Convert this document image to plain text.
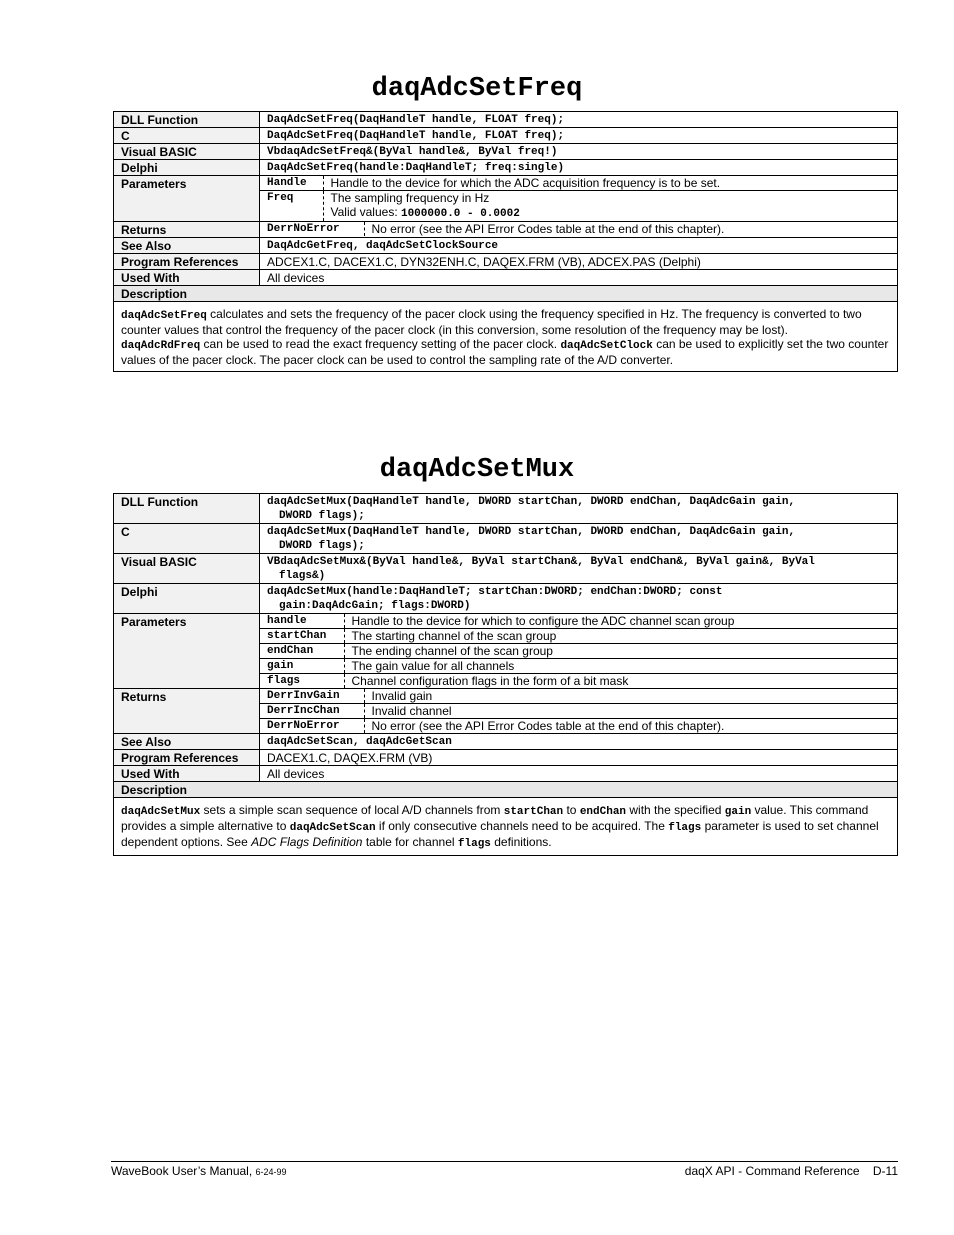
daqAdcSetFreq
DLL Function	DaqAdcSetFreq(DaqHandleT handle, FLOAT freq);
C	DaqAdcSetFreq(DaqHandleT handle, FLOAT freq);
Visual BASIC	VbdaqAdcSetFreq&(ByVal handle&, ByVal freq!)
Delphi	DaqAdcSetFreq(handle:DaqHandleT; freq:single)
Parameters		Handle	Handle to the device for which the ADC acquisition frequency is to be set.
Freq	The sampling frequency in Hz
Valid values: 1000000.0 - 0.0002

Returns		DerrNoError	No error (see the API Error Codes table at the end of this chapter).

See Also	DaqAdcGetFreq, daqAdcSetClockSource
Program References	ADCEX1.C, DACEX1.C, DYN32ENH.C, DAQEX.FRM (VB), ADCEX.PAS (Delphi)
Used With	All devices
Description
daqAdcSetFreq calculates and sets the frequency of the pacer clock using the frequency specified in Hz. The frequency is converted to two counter values that control the frequency of the pacer clock (in this conversion, some resolution of the frequency may be lost).
daqAdcRdFreq can be used to read the exact frequency setting of the pacer clock. daqAdcSetClock can be used to explicitly set the two counter values of the pacer clock. The pacer clock can be used to control the sampling rate of the A/D converter.
daqAdcSetMux
DLL Function	daqAdcSetMux(DaqHandleT handle, DWORD startChan, DWORD endChan, DaqAdcGain gain,
DWORD flags);

C	daqAdcSetMux(DaqHandleT handle, DWORD startChan, DWORD endChan, DaqAdcGain gain,
DWORD flags);

Visual BASIC	VBdaqAdcSetMux&(ByVal handle&, ByVal startChan&, ByVal endChan&, ByVal gain&, ByVal
flags&)

Delphi	daqAdcSetMux(handle:DaqHandleT; startChan:DWORD; endChan:DWORD; const
gain:DaqAdcGain; flags:DWORD)

Parameters		handle	Handle to the device for which to configure the ADC channel scan group
startChan	The starting channel of the scan group
endChan	The ending channel of the scan group
gain	The gain value for all channels
flags	Channel configuration flags in the form of a bit mask

Returns		DerrInvGain	Invalid gain
DerrIncChan	Invalid channel
DerrNoError	No error (see the API Error Codes table at the end of this chapter).

See Also	daqAdcSetScan, daqAdcGetScan
Program References	DACEX1.C, DAQEX.FRM (VB)
Used With	All devices
Description
daqAdcSetMux sets a simple scan sequence of local A/D channels from startChan to endChan with the specified gain value. This command provides a simple alternative to daqAdcSetScan if only consecutive channels need to be acquired. The flags parameter is used to set channel dependent options. See ADC Flags Definition table for channel flags definitions.
WaveBook User’s Manual, 6-24-99	daqX API - Command Reference D-11
